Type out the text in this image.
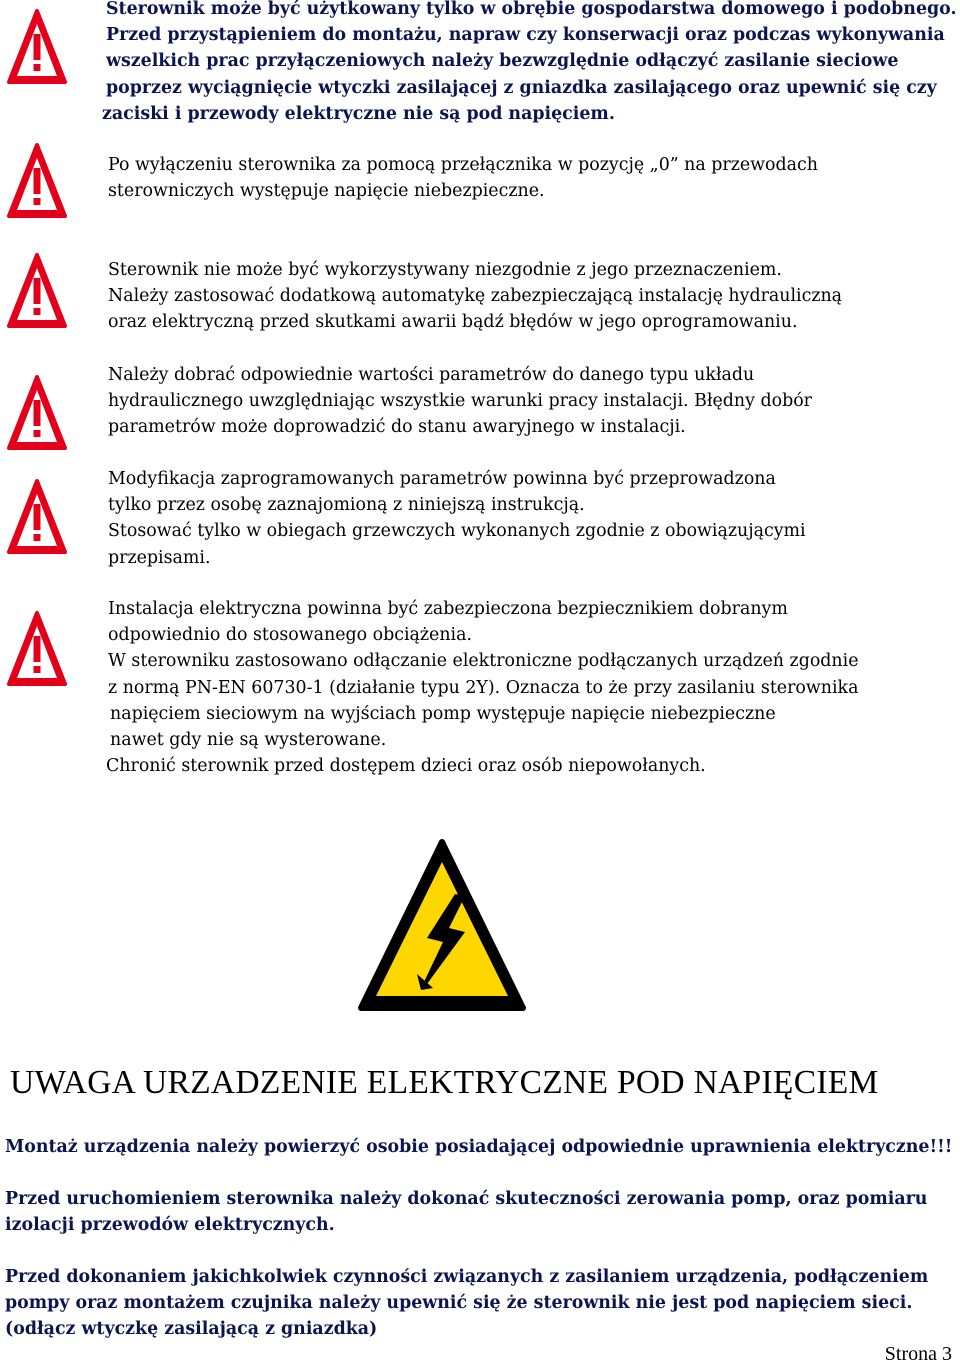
Sterownik może być użytkowany tylko w obrębie gospodarstwa domowego i podobnego.
Przed przystąpieniem do montażu, napraw czy konserwacji oraz podczas wykonywania
wszelkich prac przyłączeniowych należy bezwzględnie odłączyć zasilanie sieciowe
poprzez wyciągnięcie wtyczki zasilającej z gniazdka zasilającego oraz upewnić się czy
zaciski i przewody elektryczne nie są pod napięciem.
Po wyłączeniu sterownika za pomocą przełącznika w pozycję „0” na przewodach
sterowniczych występuje napięcie niebezpieczne.
Sterownik nie może być wykorzystywany niezgodnie z jego przeznaczeniem.
Należy zastosować dodatkową automatykę zabezpieczającą instalację hydrauliczną
oraz elektryczną przed skutkami awarii bądź błędów w jego oprogramowaniu.
Należy dobrać odpowiednie wartości parametrów do danego typu układu
hydraulicznego uwzględniając wszystkie warunki pracy instalacji. Błędny dobór
parametrów może doprowadzić do stanu awaryjnego w instalacji.
Modyfikacja zaprogramowanych parametrów powinna być przeprowadzona
tylko przez osobę zaznajomioną z niniejszą instrukcją.
Stosować tylko w obiegach grzewczych wykonanych zgodnie z obowiązującymi
przepisami.
Instalacja elektryczna powinna być zabezpieczona bezpiecznikiem dobranym
odpowiednio do stosowanego obciążenia.
W sterowniku zastosowano odłączanie elektroniczne podłączanych urządzeń zgodnie
z normą PN-EN 60730-1 (działanie typu 2Y). Oznacza to że przy zasilaniu sterownika
napięciem sieciowym na wyjściach pomp występuje napięcie niebezpieczne
nawet gdy nie są wysterowane.
Chronić sterownik przed dostępem dzieci oraz osób niepowołanych.
UWAGA URZADZENIE ELEKTRYCZNE POD NAPIĘCIEM
Montaż urządzenia należy powierzyć osobie posiadającej odpowiednie uprawnienia elektryczne!!!
Przed uruchomieniem sterownika należy dokonać skuteczności zerowania pomp, oraz pomiaru
izolacji przewodów elektrycznych.
Przed dokonaniem jakichkolwiek czynności związanych z zasilaniem urządzenia, podłączeniem
pompy oraz montażem czujnika należy upewnić się że sterownik nie jest pod napięciem sieci.
(odłącz wtyczkę zasilającą z gniazdka)
Strona 3
